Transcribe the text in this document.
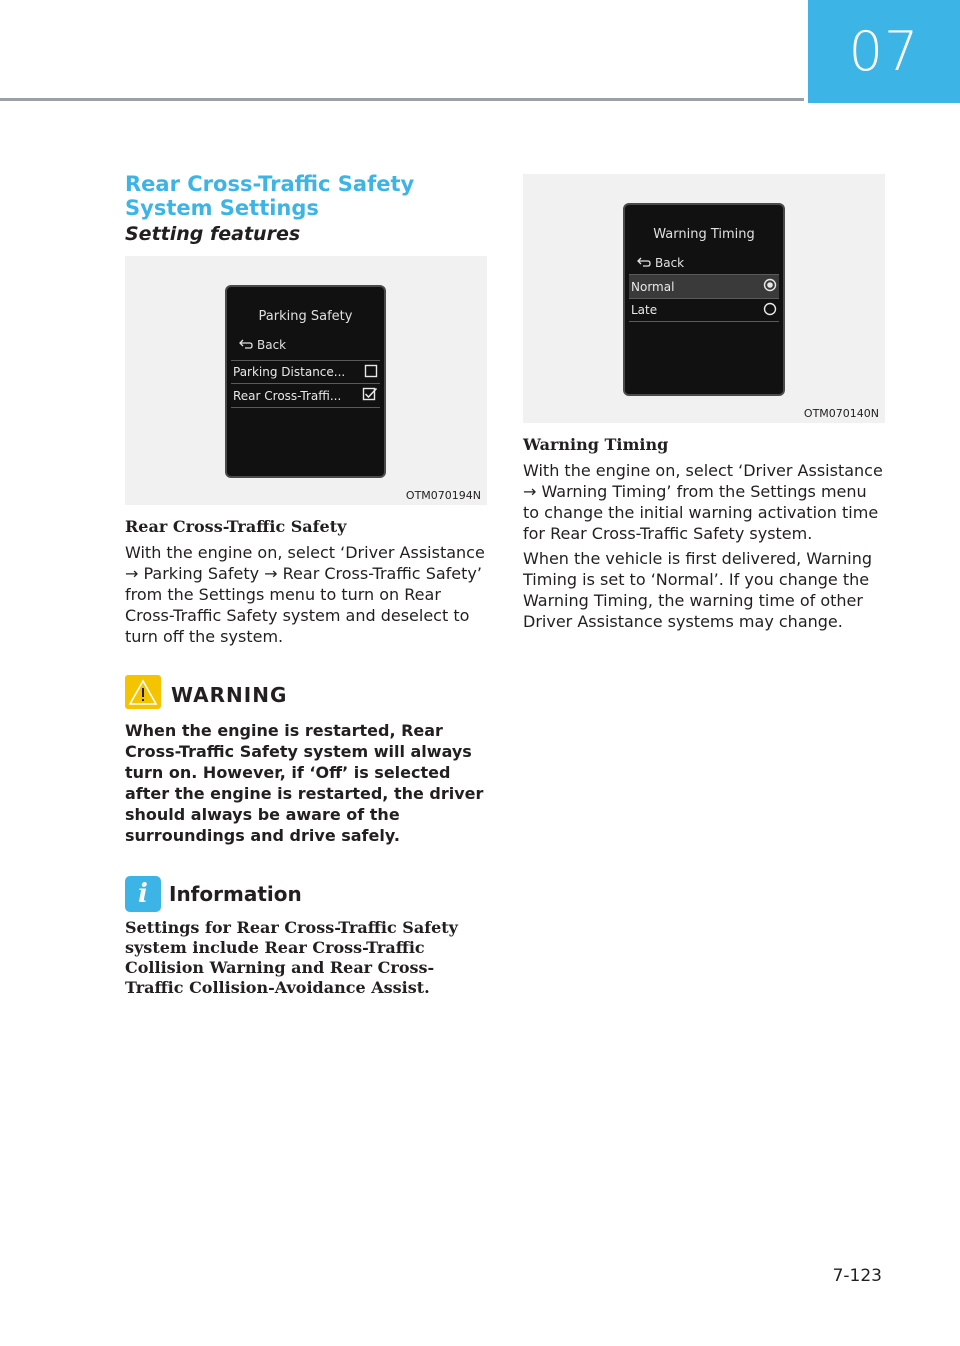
07
Rear Cross-Traffic Safety System Settings
Setting features
Parking Safety
Back
Parking Distance...
Rear Cross-Traffi...
OTM070194N
Rear Cross-Traffic Safety

With the engine on, select ‘Driver Assistance → Parking Safety → Rear Cross-Traffic Safety’ from the Settings menu to turn on Rear Cross-Traffic Safety system and deselect to turn off the system.

WARNING

When the engine is restarted, Rear Cross-Traffic Safety system will always turn on. However, if ‘Off’ is selected after the engine is restarted, the driver should always be aware of the surroundings and drive safely.

i	Information

Settings for Rear Cross-Traffic Safety system include Rear Cross-Traffic Collision Warning and Rear Cross-Traffic Collision-Avoidance Assist.

Warning Timing
Back
Normal
Late
OTM070140N
Warning Timing

With the engine on, select ‘Driver Assistance → Warning Timing’ from the Settings menu to change the initial warning activation time for Rear Cross-Traffic Safety system.

When the vehicle is first delivered, Warning Timing is set to ‘Normal’. If you change the Warning Timing, the warning time of other Driver Assistance systems may change.

7-123
